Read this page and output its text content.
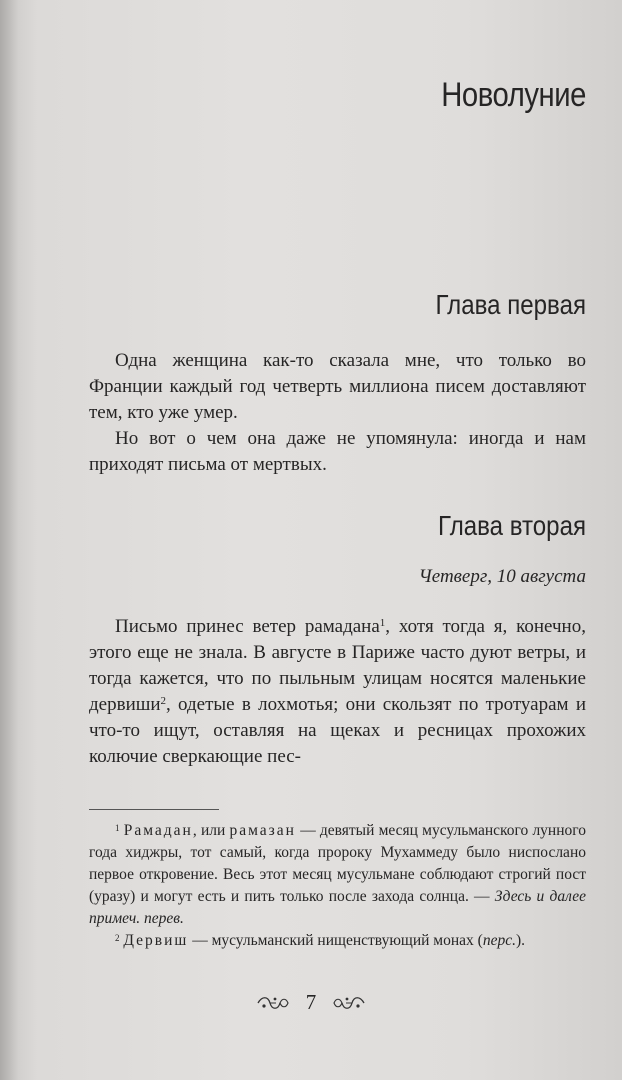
Новолуние
Глава первая

Одна женщина как-то сказала мне, что только во Франции каждый год четверть миллиона писем доставляют тем, кто уже умер.

Но вот о чем она даже не упомянула: иногда и нам приходят письма от мертвых.

Глава вторая
Четверг, 10 августа

Письмо принес ветер рамадана$^1$, хотя тогда я, конечно, этого еще не знала. В августе в Париже часто дуют ветры, и тогда кажется, что по пыльным улицам носятся маленькие дервиши$^2$, одетые в лохмотья; они скользят по тротуарам и что-то ищут, оставляя на щеках и ресницах прохожих колючие сверкающие пес-

$^1$ Рамадан, или рамазан — девятый месяц мусульманского лунного года хиджры, тот самый, когда пророку Мухаммеду было ниспослано первое откровение. Весь этот месяц мусульмане соблюдают строгий пост (уразу) и могут есть и пить только после захода солнца. — Здесь и далее примеч. перев.

$^2$ Дервиш — мусульманский нищенствующий монах (перс.).

7
